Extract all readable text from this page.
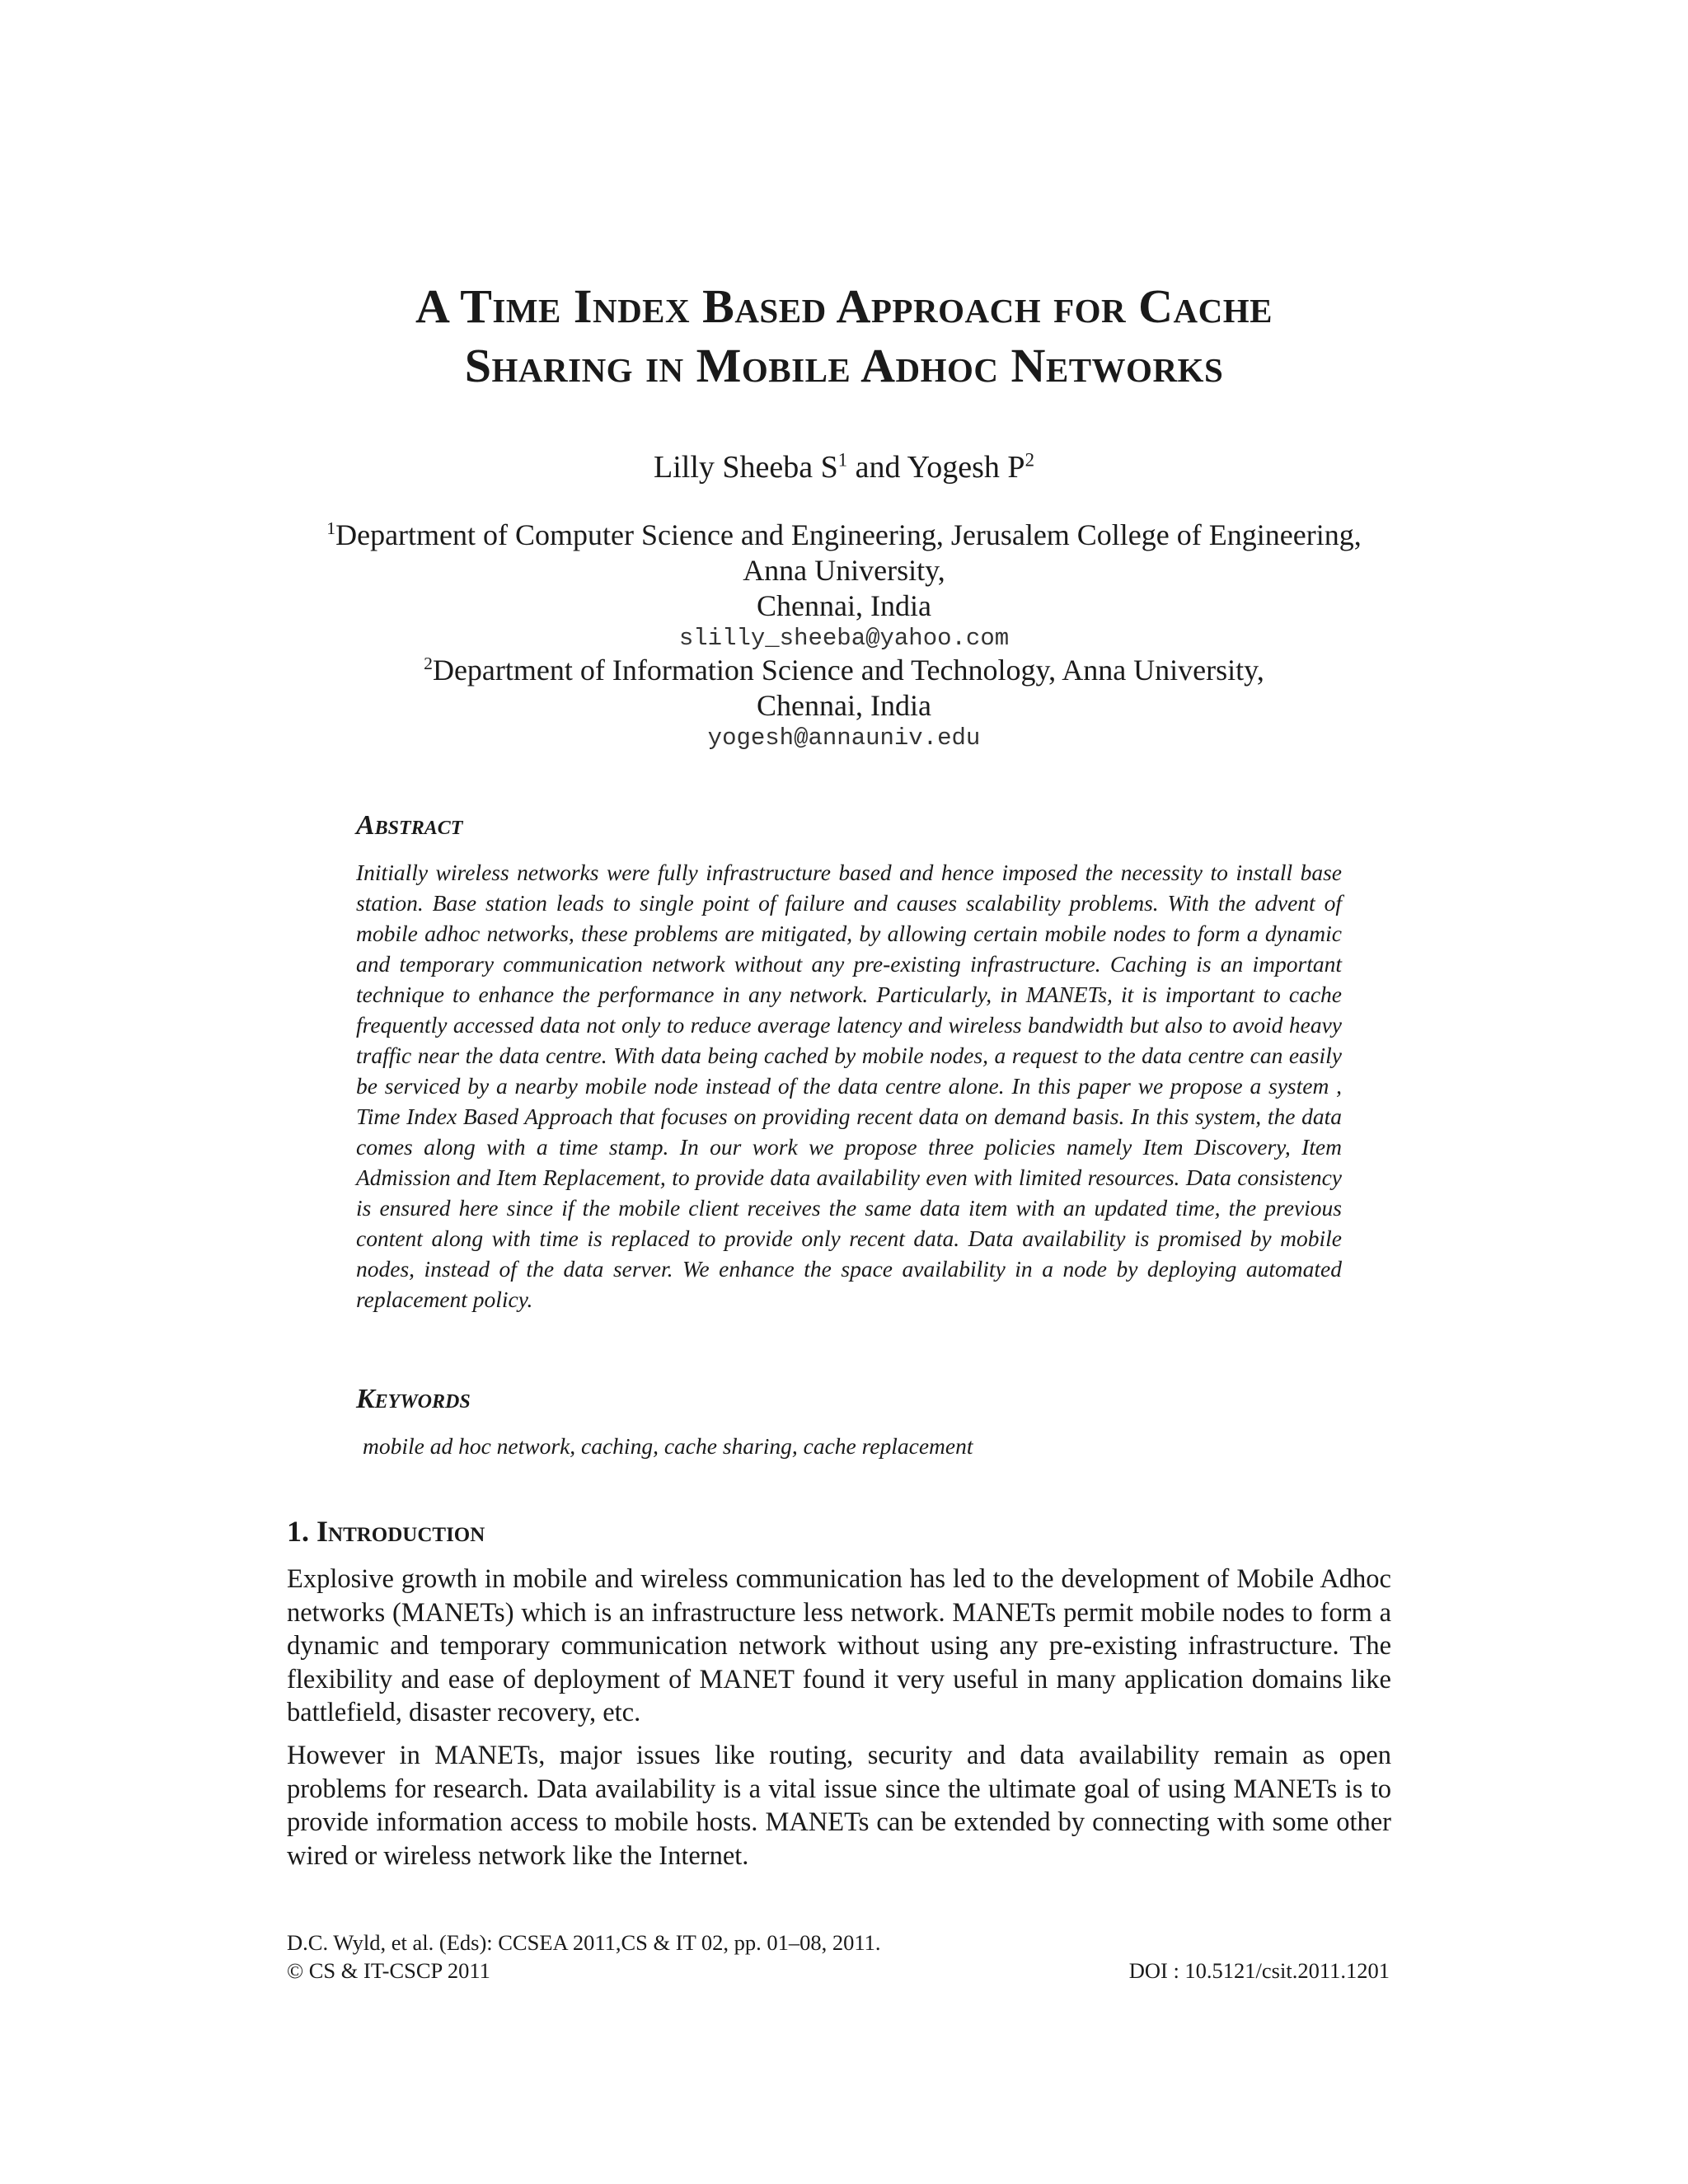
A Time Index Based Approach for Cache
Sharing in Mobile Adhoc Networks
Lilly Sheeba $S^1$ and Yogesh $P^2$
$^1$Department of Computer Science and Engineering, Jerusalem College of Engineering,
Anna University,
Chennai, India
slilly_sheeba@yahoo.com
$^2$Department of Information Science and Technology, Anna University,
Chennai, India
yogesh@annauniv.edu
Abstract
Initially wireless networks were fully infrastructure based and hence imposed the necessity to install base station. Base station leads to single point of failure and causes scalability problems. With the advent of mobile adhoc networks, these problems are mitigated, by allowing certain mobile nodes to form a dynamic and temporary communication network without any pre-existing infrastructure. Caching is an important technique to enhance the performance in any network. Particularly, in MANETs, it is important to cache frequently accessed data not only to reduce average latency and wireless bandwidth but also to avoid heavy traffic near the data centre. With data being cached by mobile nodes, a request to the data centre can easily be serviced by a nearby mobile node instead of the data centre alone. In this paper we propose a system , Time Index Based Approach that focuses on providing recent data on demand basis. In this system, the data comes along with a time stamp. In our work we propose three policies namely Item Discovery, Item Admission and Item Replacement, to provide data availability even with limited resources. Data consistency is ensured here since if the mobile client receives the same data item with an updated time, the previous content along with time is replaced to provide only recent data. Data availability is promised by mobile nodes, instead of the data server. We enhance the space availability in a node by deploying automated replacement policy.
Keywords
mobile ad hoc network, caching, cache sharing, cache replacement
1. Introduction
Explosive growth in mobile and wireless communication has led to the development of Mobile Adhoc networks (MANETs) which is an infrastructure less network. MANETs permit mobile nodes to form a dynamic and temporary communication network without using any pre-existing infrastructure. The flexibility and ease of deployment of MANET found it very useful in many application domains like battlefield, disaster recovery, etc.
However in MANETs, major issues like routing, security and data availability remain as open problems for research. Data availability is a vital issue since the ultimate goal of using MANETs is to provide information access to mobile hosts. MANETs can be extended by connecting with some other wired or wireless network like the Internet.
D.C. Wyld, et al. (Eds): CCSEA 2011,CS & IT 02, pp. 01–08, 2011.
© CS & IT-CSCP 2011	DOI : 10.5121/csit.2011.1201
